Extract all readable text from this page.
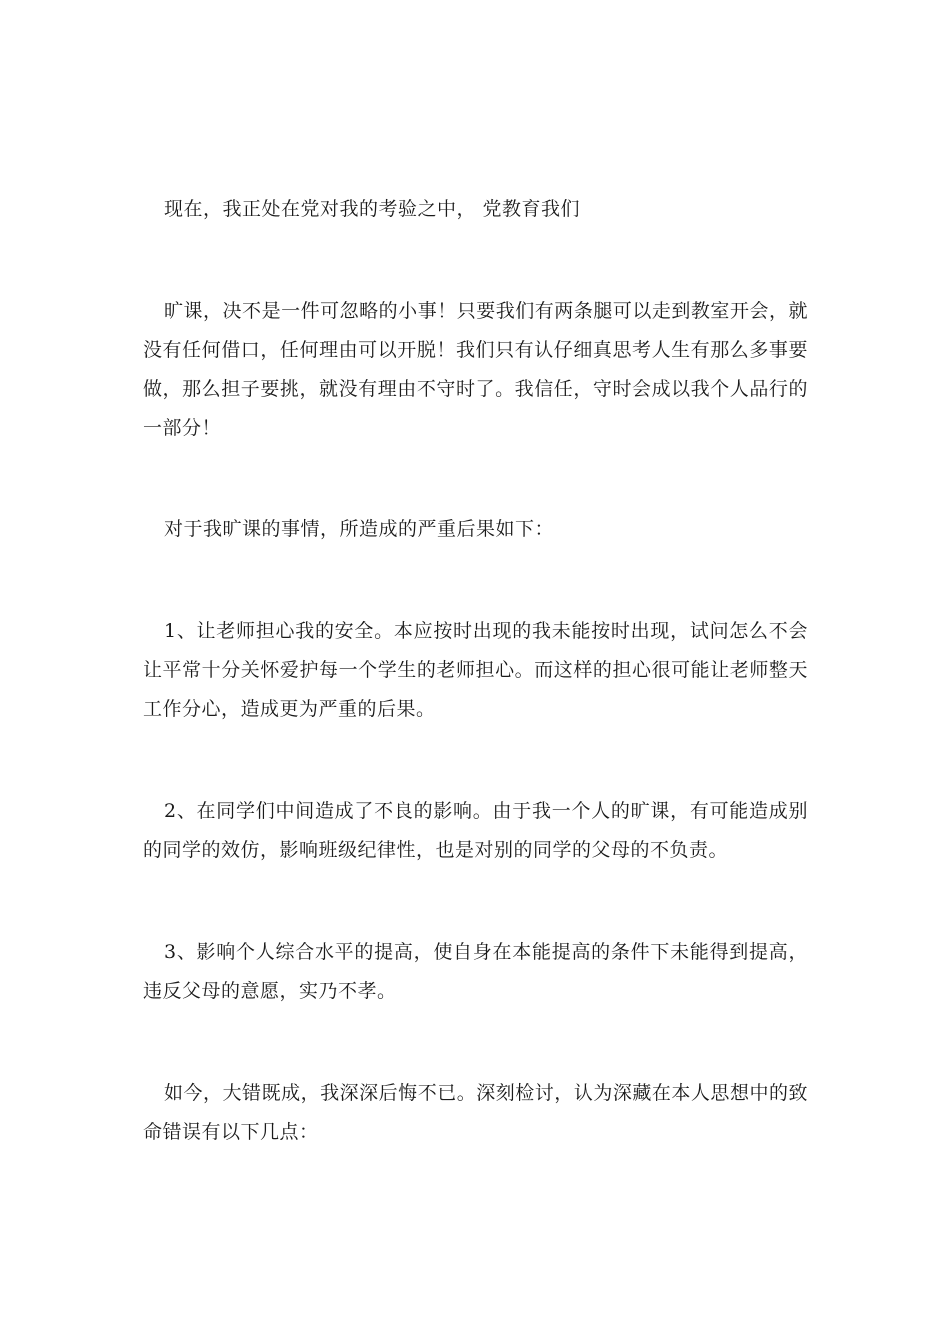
现在，我正处在党对我的考验之中， 党教育我们

旷课，决不是一件可忽略的小事！只要我们有两条腿可以走到教室开会，就没有任何借口，任何理由可以开脱！我们只有认仔细真思考人生有那么多事要做，那么担子要挑，就没有理由不守时了。我信任，守时会成以我个人品行的一部分！

对于我旷课的事情，所造成的严重后果如下：

1、让老师担心我的安全。本应按时出现的我未能按时出现，试问怎么不会让平常十分关怀爱护每一个学生的老师担心。而这样的担心很可能让老师整天工作分心，造成更为严重的后果。

2、在同学们中间造成了不良的影响。由于我一个人的旷课，有可能造成别的同学的效仿，影响班级纪律性，也是对别的同学的父母的不负责。

3、影响个人综合水平的提高，使自身在本能提高的条件下未能得到提高，违反父母的意愿，实乃不孝。

如今，大错既成，我深深后悔不已。深刻检讨，认为深藏在本人思想中的致命错误有以下几点：
